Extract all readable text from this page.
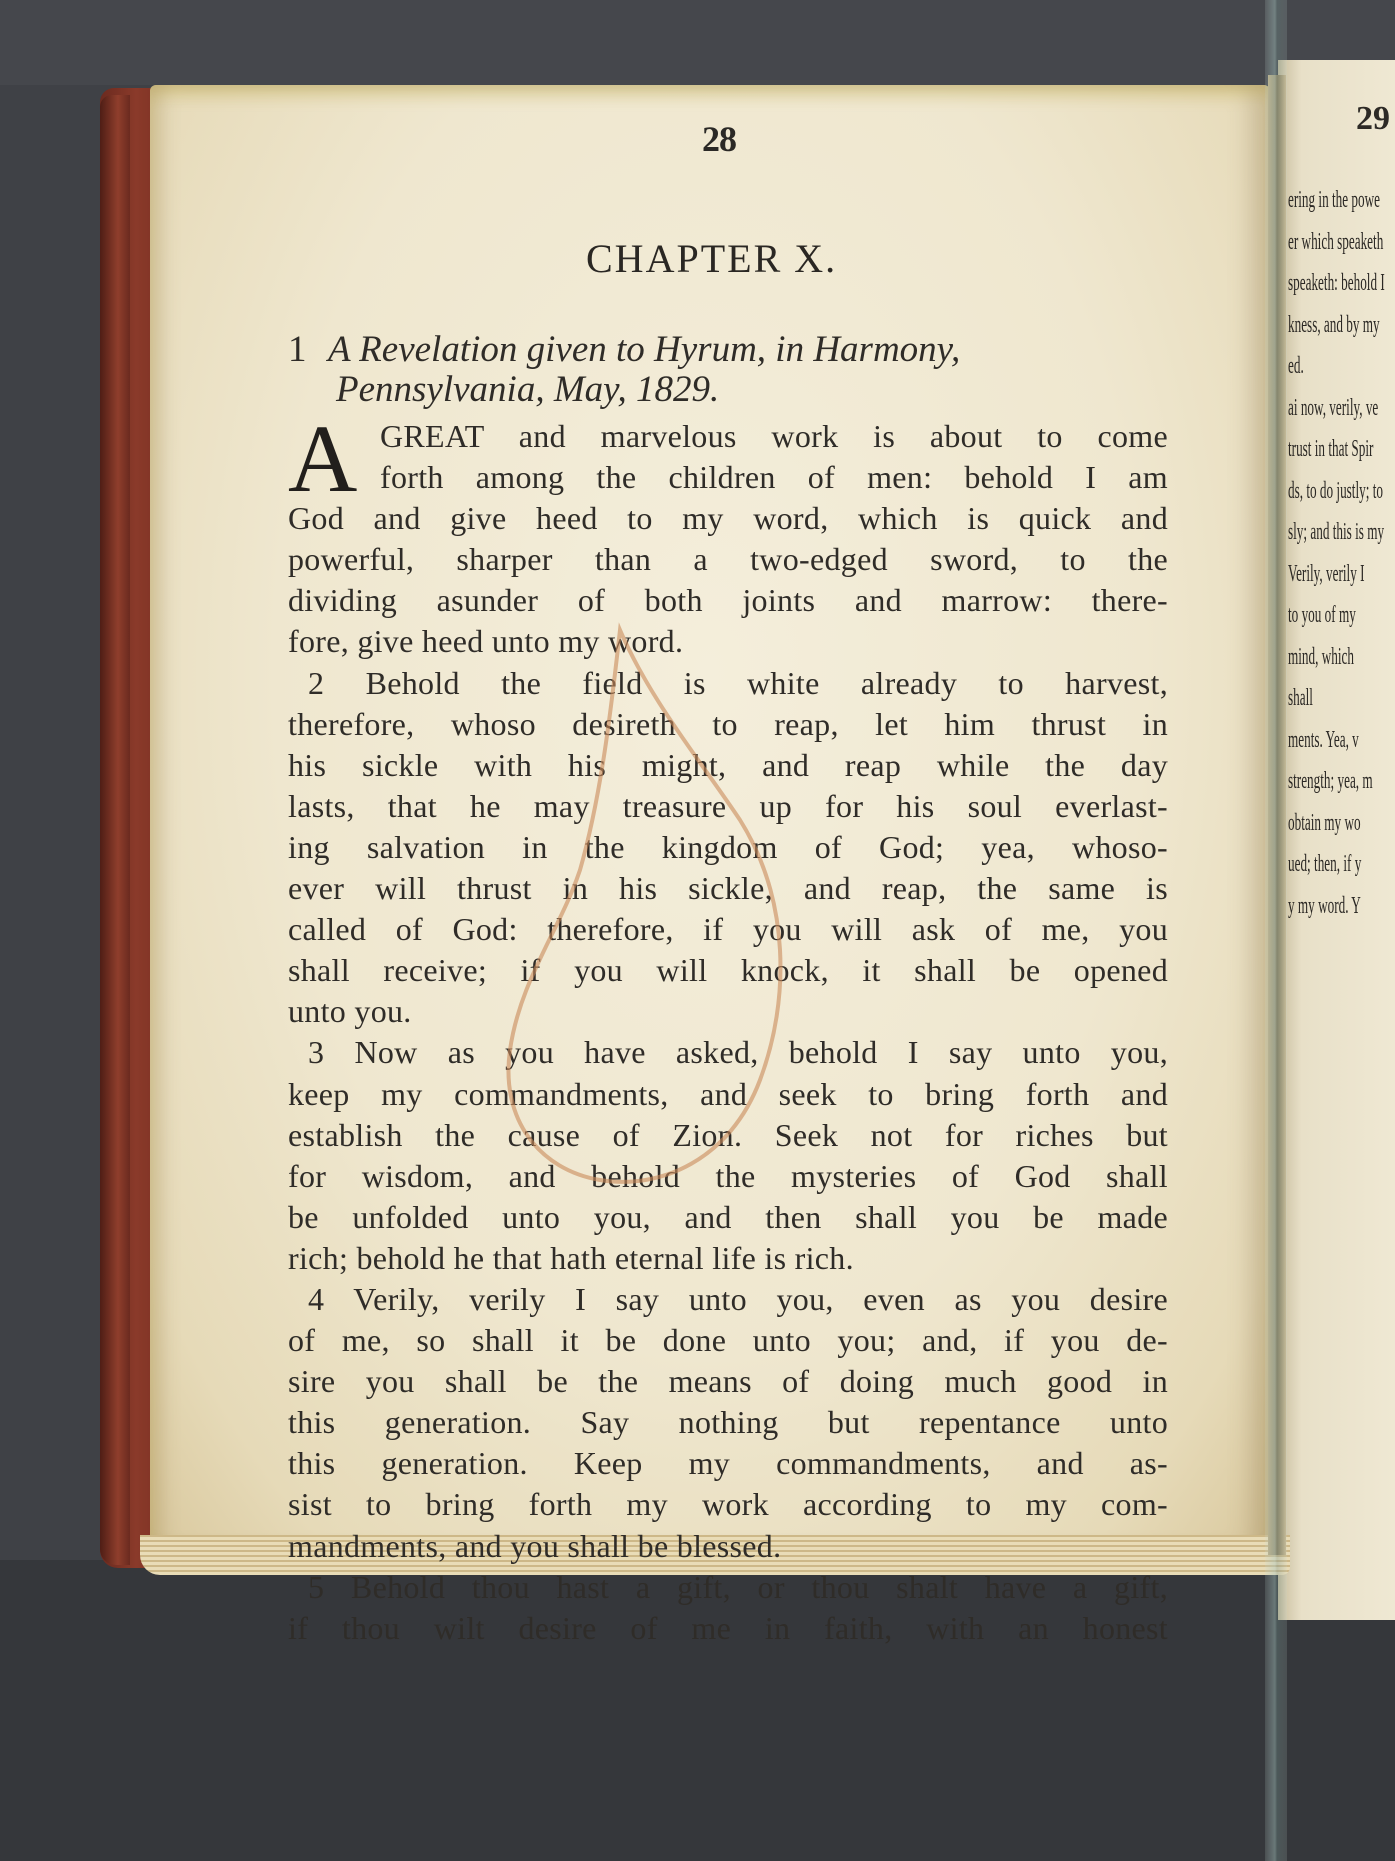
29
ering in the powe
er which speaketh
speaketh: behold I
kness, and by my
ed.
ai now, verily, ve
trust in that Spir
ds, to do justly; to
sly; and this is my
Verily, verily I
to you of my
mind, which
shall
ments. Yea, v
strength; yea, m
obtain my wo
ued; then, if y
y my word. Y
28
CHAPTER X.
1 A Revelation given to Hyrum, in Harmony,
Pennsylvania, May, 1829.
A GREAT and marvelous work is about to come
forth among the children of men: behold I am
God and give heed to my word, which is quick and
powerful, sharper than a two-edged sword, to the
dividing asunder of both joints and marrow: there-
fore, give heed unto my word.
2 Behold the field is white already to harvest,
therefore, whoso desireth to reap, let him thrust in
his sickle with his might, and reap while the day
lasts, that he may treasure up for his soul everlast-
ing salvation in the kingdom of God; yea, whoso-
ever will thrust in his sickle, and reap, the same is
called of God: therefore, if you will ask of me, you
shall receive; if you will knock, it shall be opened
unto you.
3 Now as you have asked, behold I say unto you,
keep my commandments, and seek to bring forth and
establish the cause of Zion. Seek not for riches but
for wisdom, and behold the mysteries of God shall
be unfolded unto you, and then shall you be made
rich; behold he that hath eternal life is rich.
4 Verily, verily I say unto you, even as you desire
of me, so shall it be done unto you; and, if you de-
sire you shall be the means of doing much good in
this generation. Say nothing but repentance unto
this generation. Keep my commandments, and as-
sist to bring forth my work according to my com-
mandments, and you shall be blessed.
5 Behold thou hast a gift, or thou shalt have a gift,
if thou wilt desire of me in faith, with an honest
